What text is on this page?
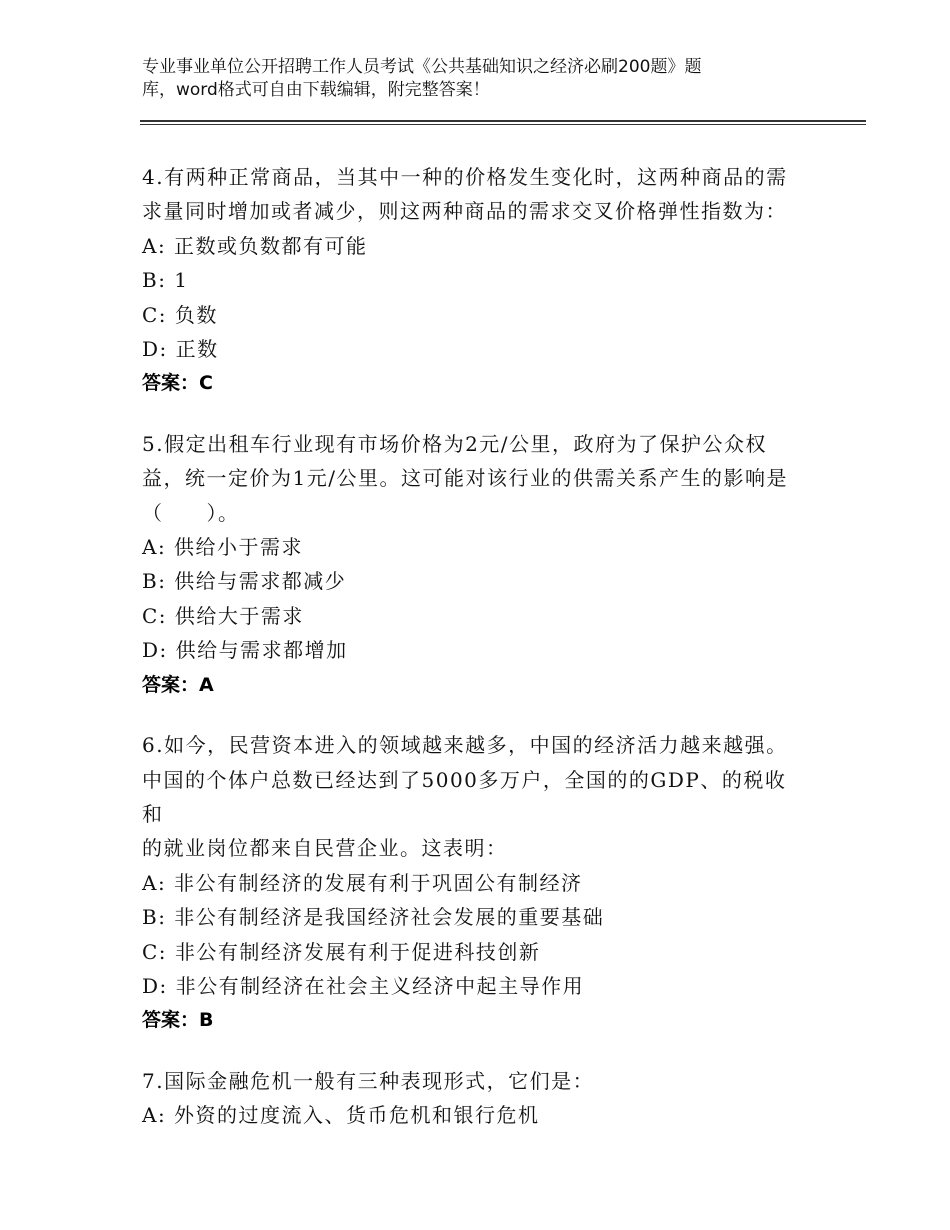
专业事业单位公开招聘工作人员考试《公共基础知识之经济必刷200题》题
库，word格式可自由下载编辑，附完整答案！

4.有两种正常商品，当其中一种的价格发生变化时，这两种商品的需
求量同时增加或者减少，则这两种商品的需求交叉价格弹性指数为：

A: 正数或负数都有可能
B: 1
C: 负数
D: 正数
答案：C

5.假定出租车行业现有市场价格为2元/公里，政府为了保护公众权
益，统一定价为1元/公里。这可能对该行业的供需关系产生的影响是
（　　）。

A: 供给小于需求
B: 供给与需求都减少
C: 供给大于需求
D: 供给与需求都增加
答案：A

6.如今，民营资本进入的领域越来越多，中国的经济活力越来越强。
中国的个体户总数已经达到了5000多万户，全国的的GDP、的税收和
的就业岗位都来自民营企业。这表明：

A: 非公有制经济的发展有利于巩固公有制经济
B: 非公有制经济是我国经济社会发展的重要基础
C: 非公有制经济发展有利于促进科技创新
D: 非公有制经济在社会主义经济中起主导作用
答案：B

7.国际金融危机一般有三种表现形式，它们是：

A: 外资的过度流入、货币危机和银行危机
